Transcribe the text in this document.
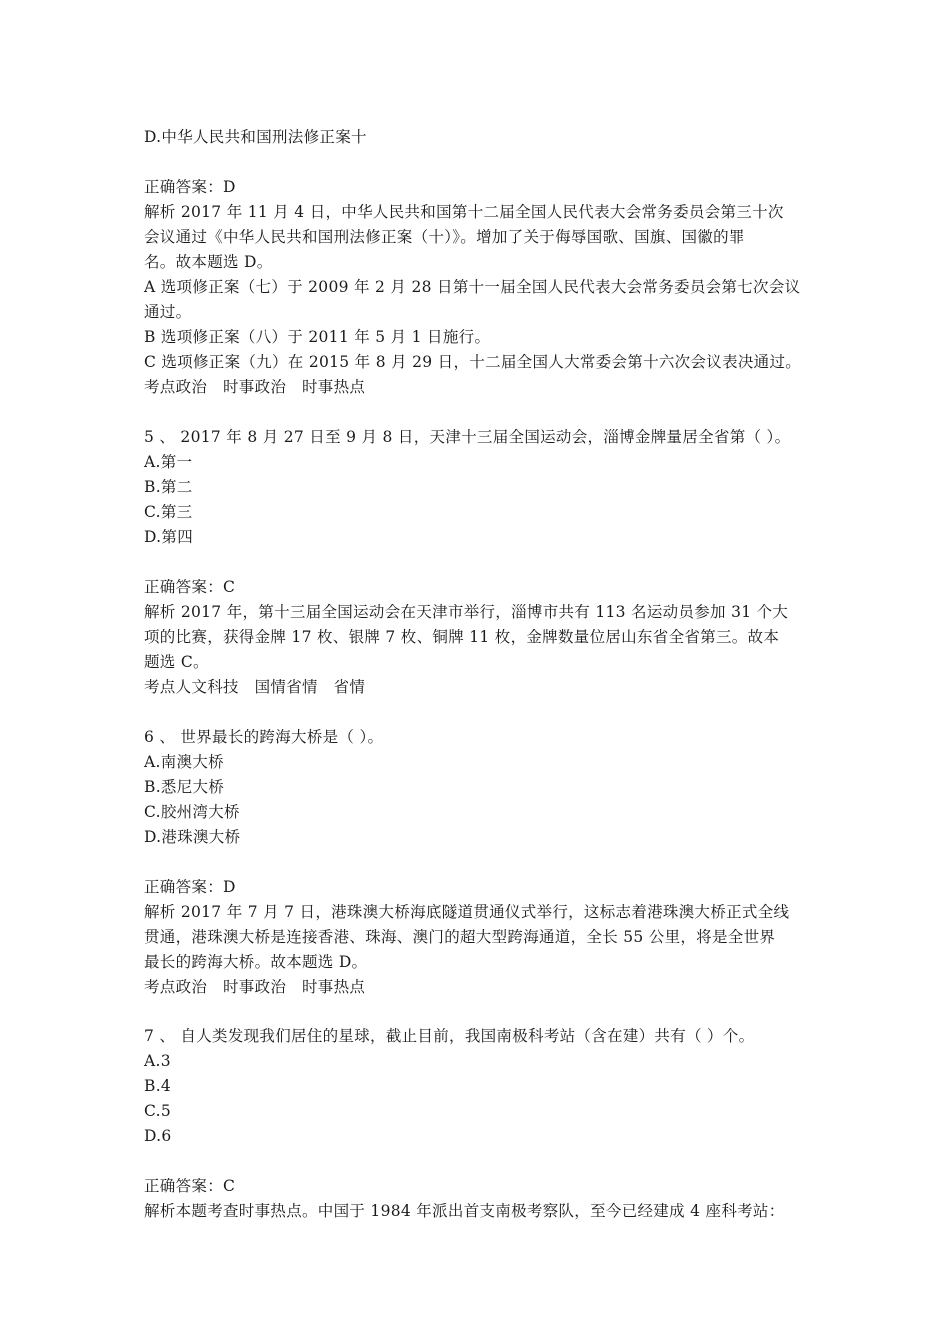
D.中华人民共和国刑法修正案十
正确答案：D
解析 2017 年 11 月 4 日，中华人民共和国第十二届全国人民代表大会常务委员会第三十次
会议通过《中华人民共和国刑法修正案（十）》。增加了关于侮辱国歌、国旗、国徽的罪
名。故本题选 D。
A 选项修正案（七）于 2009 年 2 月 28 日第十一届全国人民代表大会常务委员会第七次会议
通过。
B 选项修正案（八）于 2011 年 5 月 1 日施行。
C 选项修正案（九）在 2015 年 8 月 29 日，十二届全国人大常委会第十六次会议表决通过。
考点政治　时事政治　时事热点
5 、 2017 年 8 月 27 日至 9 月 8 日，天津十三届全国运动会，淄博金牌量居全省第（ ）。
A.第一
B.第二
C.第三
D.第四
正确答案：C
解析 2017 年，第十三届全国运动会在天津市举行，淄博市共有 113 名运动员参加 31 个大
项的比赛，获得金牌 17 枚、银牌 7 枚、铜牌 11 枚，金牌数量位居山东省全省第三。故本
题选 C。
考点人文科技　国情省情　省情
6 、 世界最长的跨海大桥是（ ）。
A.南澳大桥
B.悉尼大桥
C.胶州湾大桥
D.港珠澳大桥
正确答案：D
解析 2017 年 7 月 7 日，港珠澳大桥海底隧道贯通仪式举行，这标志着港珠澳大桥正式全线
贯通，港珠澳大桥是连接香港、珠海、澳门的超大型跨海通道，全长 55 公里，将是全世界
最长的跨海大桥。故本题选 D。
考点政治　时事政治　时事热点
7 、 自人类发现我们居住的星球，截止目前，我国南极科考站（含在建）共有（ ）个。
A.3
B.4
C.5
D.6
正确答案：C
解析本题考查时事热点。中国于 1984 年派出首支南极考察队，至今已经建成 4 座科考站：
